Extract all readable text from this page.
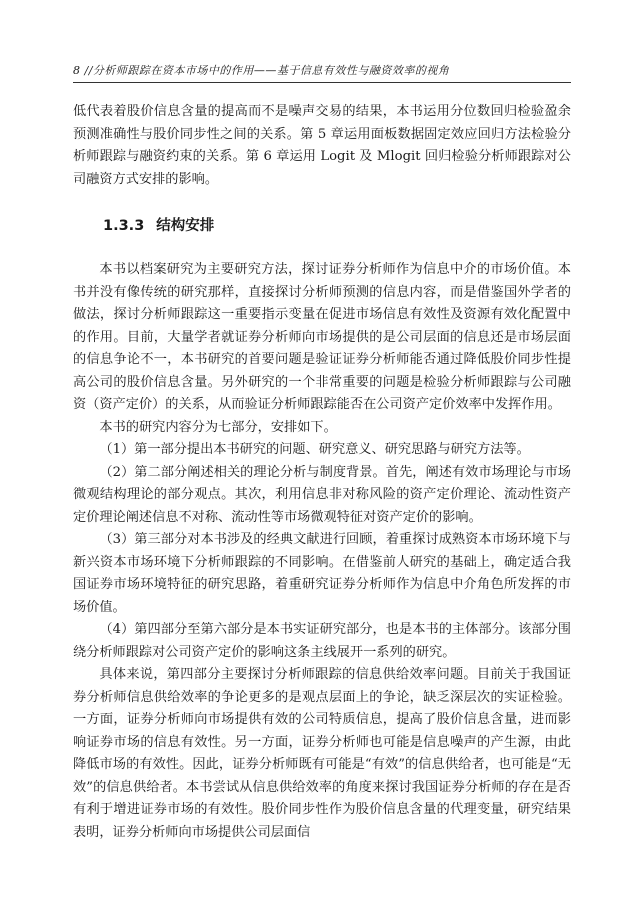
8 //分析师跟踪在资本市场中的作用——基于信息有效性与融资效率的视角

低代表着股价信息含量的提高而不是噪声交易的结果，本书运用分位数回归检验盈余预测准确性与股价同步性之间的关系。第 5 章运用面板数据固定效应回归方法检验分析师跟踪与融资约束的关系。第 6 章运用 Logit 及 Mlogit 回归检验分析师跟踪对公司融资方式安排的影响。

1.3.3 结构安排

本书以档案研究为主要研究方法，探讨证券分析师作为信息中介的市场价值。本书并没有像传统的研究那样，直接探讨分析师预测的信息内容，而是借鉴国外学者的做法，探讨分析师跟踪这一重要指示变量在促进市场信息有效性及资源有效化配置中的作用。目前，大量学者就证券分析师向市场提供的是公司层面的信息还是市场层面的信息争论不一，本书研究的首要问题是验证证券分析师能否通过降低股价同步性提高公司的股价信息含量。另外研究的一个非常重要的问题是检验分析师跟踪与公司融资（资产定价）的关系，从而验证分析师跟踪能否在公司资产定价效率中发挥作用。

本书的研究内容分为七部分，安排如下。

（1）第一部分提出本书研究的问题、研究意义、研究思路与研究方法等。

（2）第二部分阐述相关的理论分析与制度背景。首先，阐述有效市场理论与市场微观结构理论的部分观点。其次，利用信息非对称风险的资产定价理论、流动性资产定价理论阐述信息不对称、流动性等市场微观特征对资产定价的影响。

（3）第三部分对本书涉及的经典文献进行回顾，着重探讨成熟资本市场环境下与新兴资本市场环境下分析师跟踪的不同影响。在借鉴前人研究的基础上，确定适合我国证券市场环境特征的研究思路，着重研究证券分析师作为信息中介角色所发挥的市场价值。

（4）第四部分至第六部分是本书实证研究部分，也是本书的主体部分。该部分围绕分析师跟踪对公司资产定价的影响这条主线展开一系列的研究。

具体来说，第四部分主要探讨分析师跟踪的信息供给效率问题。目前关于我国证券分析师信息供给效率的争论更多的是观点层面上的争论，缺乏深层次的实证检验。一方面，证券分析师向市场提供有效的公司特质信息，提高了股价信息含量，进而影响证券市场的信息有效性。另一方面，证券分析师也可能是信息噪声的产生源，由此降低市场的有效性。因此，证券分析师既有可能是“有效”的信息供给者，也可能是“无效”的信息供给者。本书尝试从信息供给效率的角度来探讨我国证券分析师的存在是否有利于增进证券市场的有效性。股价同步性作为股价信息含量的代理变量，研究结果表明，证券分析师向市场提供公司层面信
